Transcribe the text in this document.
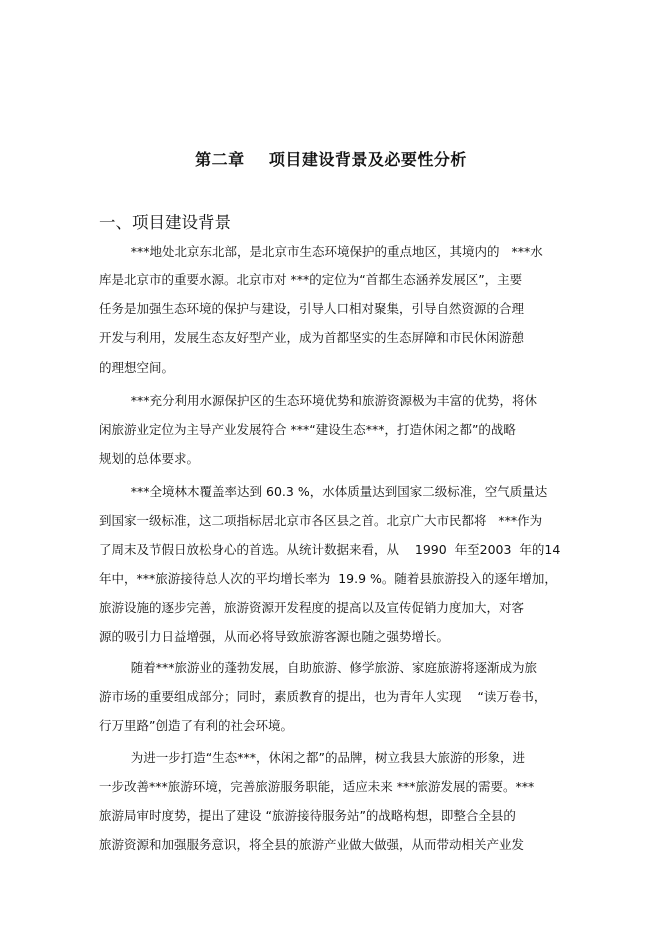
第二章    项目建设背景及必要性分析
一、项目建设背景
***地处北京东北部，是北京市生态环境保护的重点地区，其境内的   ***水
库是北京市的重要水源。北京市对 ***的定位为“首都生态涵养发展区”，主要
任务是加强生态环境的保护与建设，引导人口相对聚集，引导自然资源的合理
开发与利用，发展生态友好型产业，成为首都坚实的生态屏障和市民休闲游憩
的理想空间。
***充分利用水源保护区的生态环境优势和旅游资源极为丰富的优势，将休
闲旅游业定位为主导产业发展符合 ***“建设生态***，打造休闲之都”的战略
规划的总体要求。
***全境林木覆盖率达到 60.3 %，水体质量达到国家二级标准，空气质量达
到国家一级标准，这二项指标居北京市各区县之首。北京广大市民都将   ***作为
了周末及节假日放松身心的首选。从统计数据来看，从    1990  年至2003  年的14
年中，***旅游接待总人次的平均增长率为  19.9 %。随着县旅游投入的逐年增加，
旅游设施的逐步完善，旅游资源开发程度的提高以及宣传促销力度加大，对客
源的吸引力日益增强，从而必将导致旅游客源也随之强势增长。
随着***旅游业的蓬勃发展，自助旅游、修学旅游、家庭旅游将逐渐成为旅
游市场的重要组成部分；同时，素质教育的提出，也为青年人实现    “读万卷书，
行万里路”创造了有利的社会环境。
为进一步打造“生态***，休闲之都”的品牌，树立我县大旅游的形象，进
一步改善***旅游环境，完善旅游服务职能，适应未来 ***旅游发展的需要。***
旅游局审时度势，提出了建设 “旅游接待服务站”的战略构想，即整合全县的
旅游资源和加强服务意识，将全县的旅游产业做大做强，从而带动相关产业发
